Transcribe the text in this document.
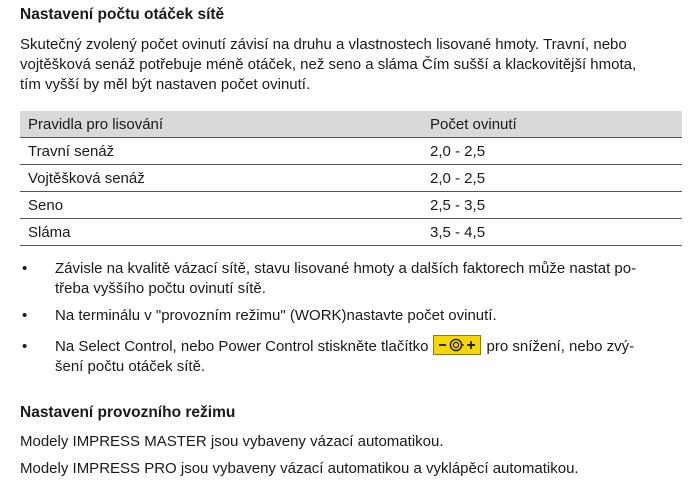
Nastavení počtu otáček sítě
Skutečný zvolený počet ovinutí závisí na druhu a vlastnostech lisované hmoty. Travní, nebo
vojtěšková senáž potřebuje méně otáček, než seno a sláma Čím sušší a klackovitější hmota,
tím vyšší by měl být nastaven počet ovinutí.
Pravidla pro lisování	Počet ovinutí
Travní senáž	2,0 - 2,5
Vojtěšková senáž	2,0 - 2,5
Seno	2,5 - 3,5
Sláma	3,5 - 4,5
• Závisle na kvalitě vázací sítě, stavu lisované hmoty a dalších faktorech může nastat po-
třeba vyššího počtu ovinutí sítě.
• Na terminálu v "provozním režimu" (WORK)nastavte počet ovinutí.
• Na Select Control, nebo Power Control stiskněte tlačítko	pro snížení, nebo zvý-
šení počtu otáček sítě.
Nastavení provozního režimu
Modely IMPRESS MASTER jsou vybaveny vázací automatikou.
Modely IMPRESS PRO jsou vybaveny vázací automatikou a vyklápěcí automatikou.
